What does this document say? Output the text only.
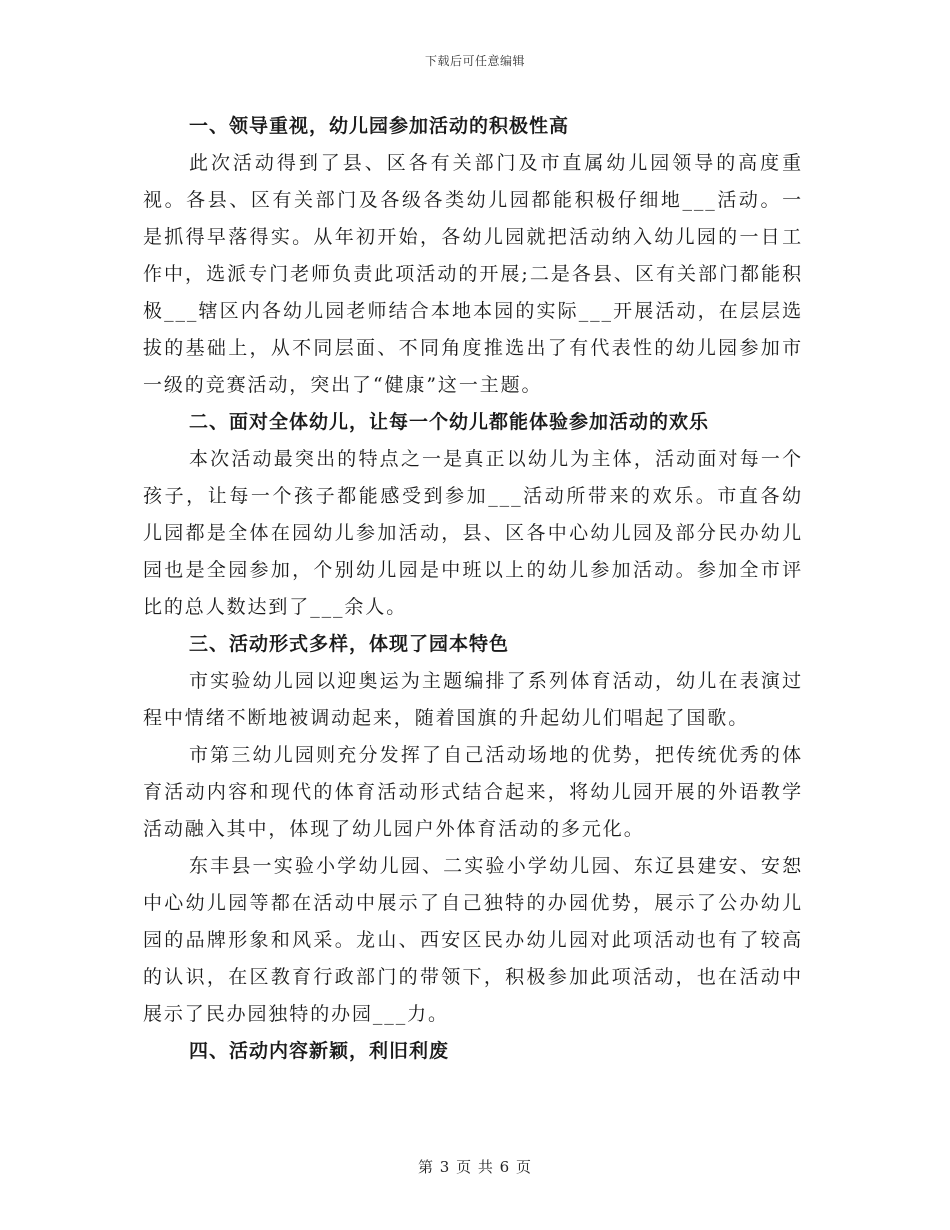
下载后可任意编辑

一、领导重视，幼儿园参加活动的积极性高

此次活动得到了县、区各有关部门及市直属幼儿园领导的高度重视。各县、区有关部门及各级各类幼儿园都能积极仔细地___活动。一是抓得早落得实。从年初开始，各幼儿园就把活动纳入幼儿园的一日工作中，选派专门老师负责此项活动的开展;二是各县、区有关部门都能积极___辖区内各幼儿园老师结合本地本园的实际___开展活动，在层层选拔的基础上，从不同层面、不同角度推选出了有代表性的幼儿园参加市一级的竞赛活动，突出了“健康”这一主题。

二、面对全体幼儿，让每一个幼儿都能体验参加活动的欢乐

本次活动最突出的特点之一是真正以幼儿为主体，活动面对每一个孩子，让每一个孩子都能感受到参加___活动所带来的欢乐。市直各幼儿园都是全体在园幼儿参加活动，县、区各中心幼儿园及部分民办幼儿园也是全园参加，个别幼儿园是中班以上的幼儿参加活动。参加全市评比的总人数达到了___余人。

三、活动形式多样，体现了园本特色

市实验幼儿园以迎奥运为主题编排了系列体育活动，幼儿在表演过程中情绪不断地被调动起来，随着国旗的升起幼儿们唱起了国歌。

市第三幼儿园则充分发挥了自己活动场地的优势，把传统优秀的体育活动内容和现代的体育活动形式结合起来，将幼儿园开展的外语教学活动融入其中，体现了幼儿园户外体育活动的多元化。

东丰县一实验小学幼儿园、二实验小学幼儿园、东辽县建安、安恕中心幼儿园等都在活动中展示了自己独特的办园优势，展示了公办幼儿园的品牌形象和风采。龙山、西安区民办幼儿园对此项活动也有了较高的认识，在区教育行政部门的带领下，积极参加此项活动，也在活动中展示了民办园独特的办园___力。

四、活动内容新颖，利旧利废

第 3 页 共 6 页
